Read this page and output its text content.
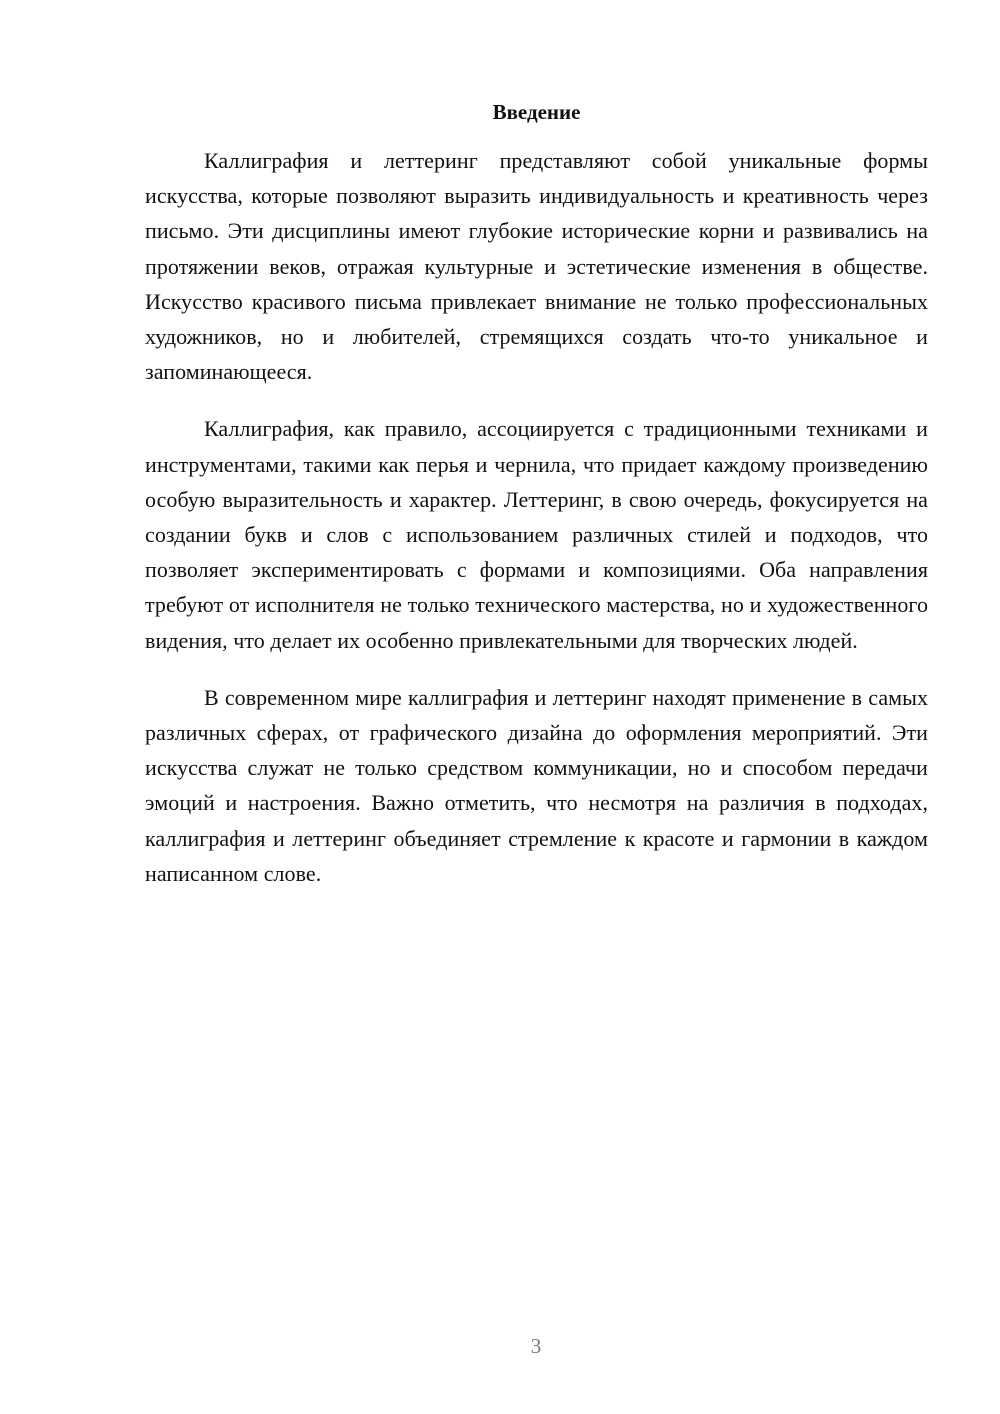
Введение

Каллиграфия и леттеринг представляют собой уникальные формы искусства, которые позволяют выразить индивидуальность и креативность через письмо. Эти дисциплины имеют глубокие исторические корни и развивались на протяжении веков, отражая культурные и эстетические изменения в обществе. Искусство красивого письма привлекает внимание не только профессиональных художников, но и любителей, стремящихся создать что-то уникальное и запоминающееся.

Каллиграфия, как правило, ассоциируется с традиционными техниками и инструментами, такими как перья и чернила, что придает каждому произведению особую выразительность и характер. Леттеринг, в свою очередь, фокусируется на создании букв и слов с использованием различных стилей и подходов, что позволяет экспериментировать с формами и композициями. Оба направления требуют от исполнителя не только технического мастерства, но и художественного видения, что делает их особенно привлекательными для творческих людей.

В современном мире каллиграфия и леттеринг находят применение в самых различных сферах, от графического дизайна до оформления мероприятий. Эти искусства служат не только средством коммуникации, но и способом передачи эмоций и настроения. Важно отметить, что несмотря на различия в подходах, каллиграфия и леттеринг объединяет стремление к красоте и гармонии в каждом написанном слове.

3
